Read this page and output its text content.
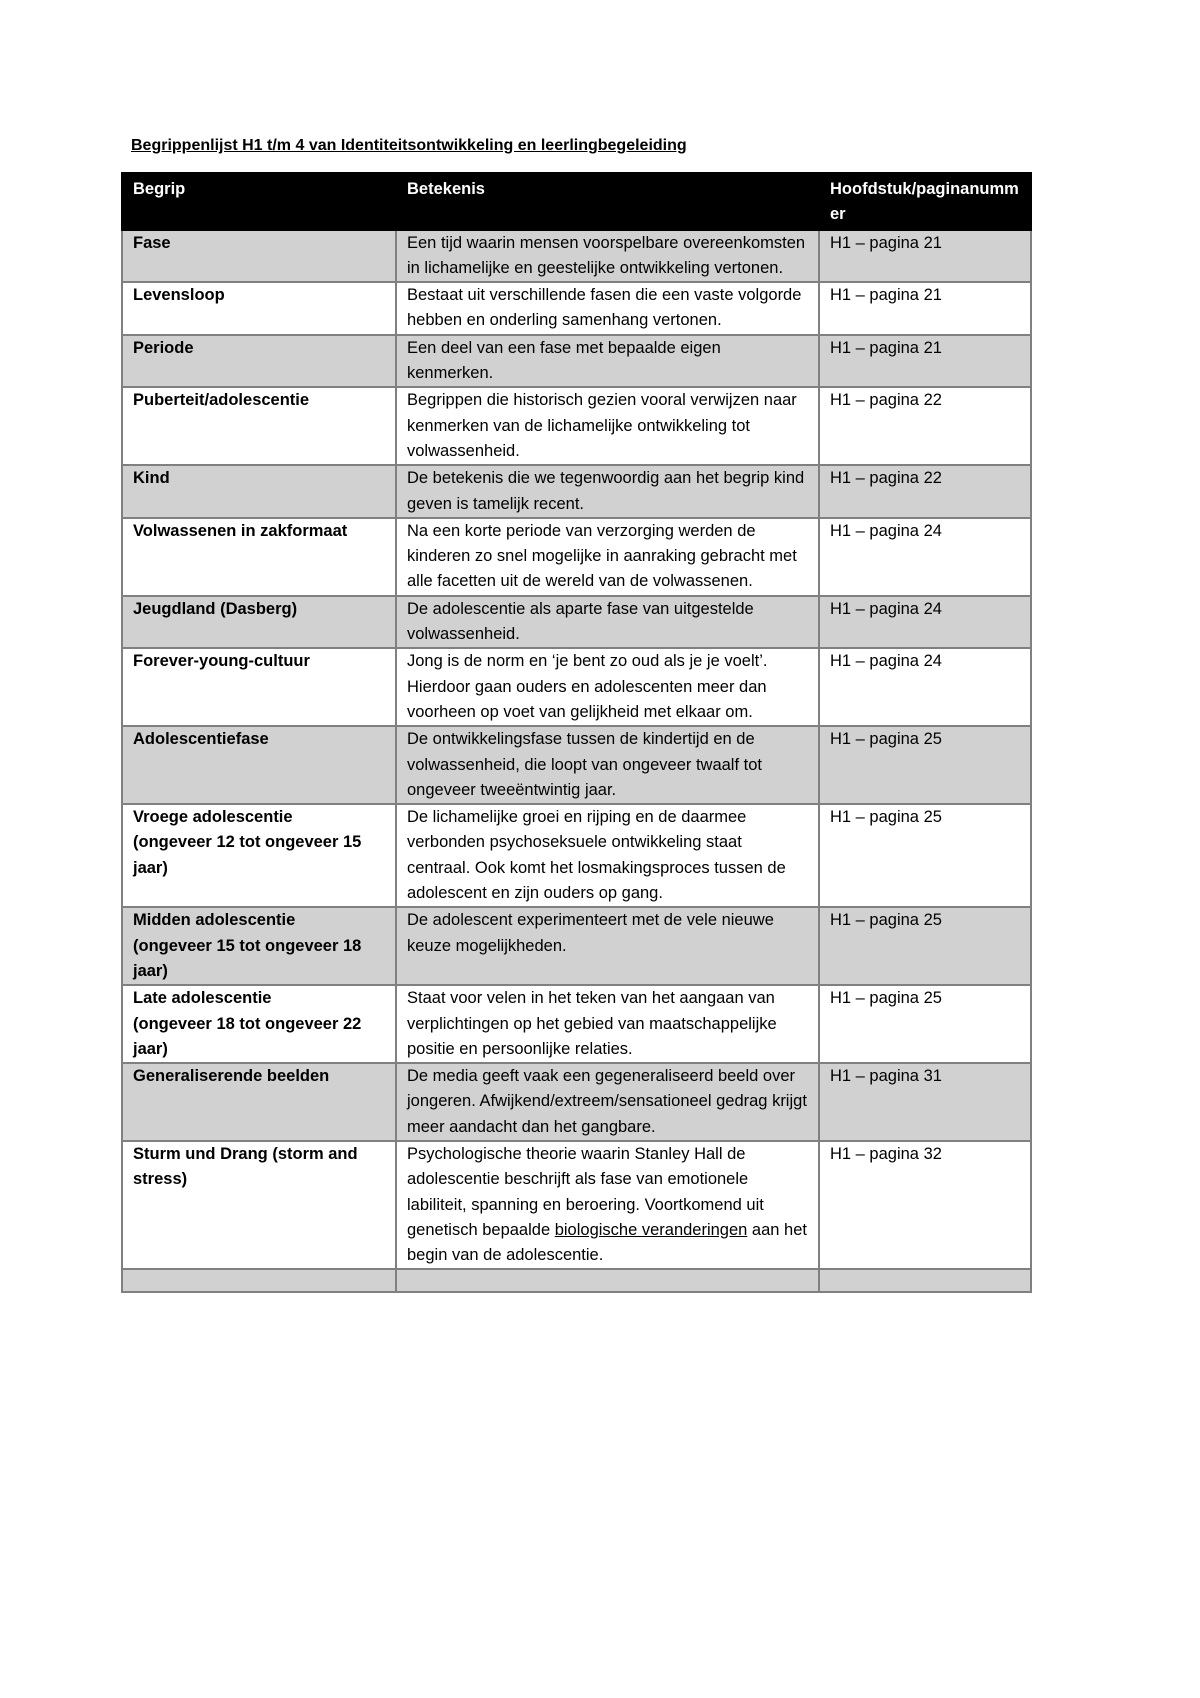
Begrippenlijst H1 t/m 4 van Identiteitsontwikkeling en leerlingbegeleiding
Begrip	Betekenis	Hoofdstuk/paginanummer
Fase	Een tijd waarin mensen voorspelbare overeenkomsten in lichamelijke en geestelijke ontwikkeling vertonen.	H1 – pagina 21
Levensloop	Bestaat uit verschillende fasen die een vaste volgorde hebben en onderling samenhang vertonen.	H1 – pagina 21
Periode	Een deel van een fase met bepaalde eigen kenmerken.	H1 – pagina 21
Puberteit/adolescentie	Begrippen die historisch gezien vooral verwijzen naar kenmerken van de lichamelijke ontwikkeling tot volwassenheid.	H1 – pagina 22
Kind	De betekenis die we tegenwoordig aan het begrip kind geven is tamelijk recent.	H1 – pagina 22
Volwassenen in zakformaat	Na een korte periode van verzorging werden de kinderen zo snel mogelijke in aanraking gebracht met alle facetten uit de wereld van de volwassenen.	H1 – pagina 24
Jeugdland (Dasberg)	De adolescentie als aparte fase van uitgestelde volwassenheid.	H1 – pagina 24
Forever-young-cultuur	Jong is de norm en ‘je bent zo oud als je je voelt’. Hierdoor gaan ouders en adolescenten meer dan voorheen op voet van gelijkheid met elkaar om.	H1 – pagina 24
Adolescentiefase	De ontwikkelingsfase tussen de kindertijd en de volwassenheid, die loopt van ongeveer twaalf tot ongeveer tweeëntwintig jaar.	H1 – pagina 25
Vroege adolescentie
(ongeveer 12 tot ongeveer 15 jaar)	De lichamelijke groei en rijping en de daarmee verbonden psychoseksuele ontwikkeling staat centraal. Ook komt het losmakingsproces tussen de adolescent en zijn ouders op gang.	H1 – pagina 25
Midden adolescentie
(ongeveer 15 tot ongeveer 18 jaar)	De adolescent experimenteert met de vele nieuwe keuze mogelijkheden.	H1 – pagina 25
Late adolescentie
(ongeveer 18 tot ongeveer 22 jaar)	Staat voor velen in het teken van het aangaan van verplichtingen op het gebied van maatschappelijke positie en persoonlijke relaties.	H1 – pagina 25
Generaliserende beelden	De media geeft vaak een gegeneraliseerd beeld over jongeren. Afwijkend/extreem/sensationeel gedrag krijgt meer aandacht dan het gangbare.	H1 – pagina 31
Sturm und Drang (storm and stress)	Psychologische theorie waarin Stanley Hall de adolescentie beschrijft als fase van emotionele labiliteit, spanning en beroering. Voortkomend uit genetisch bepaalde biologische veranderingen aan het begin van de adolescentie.	H1 – pagina 32
